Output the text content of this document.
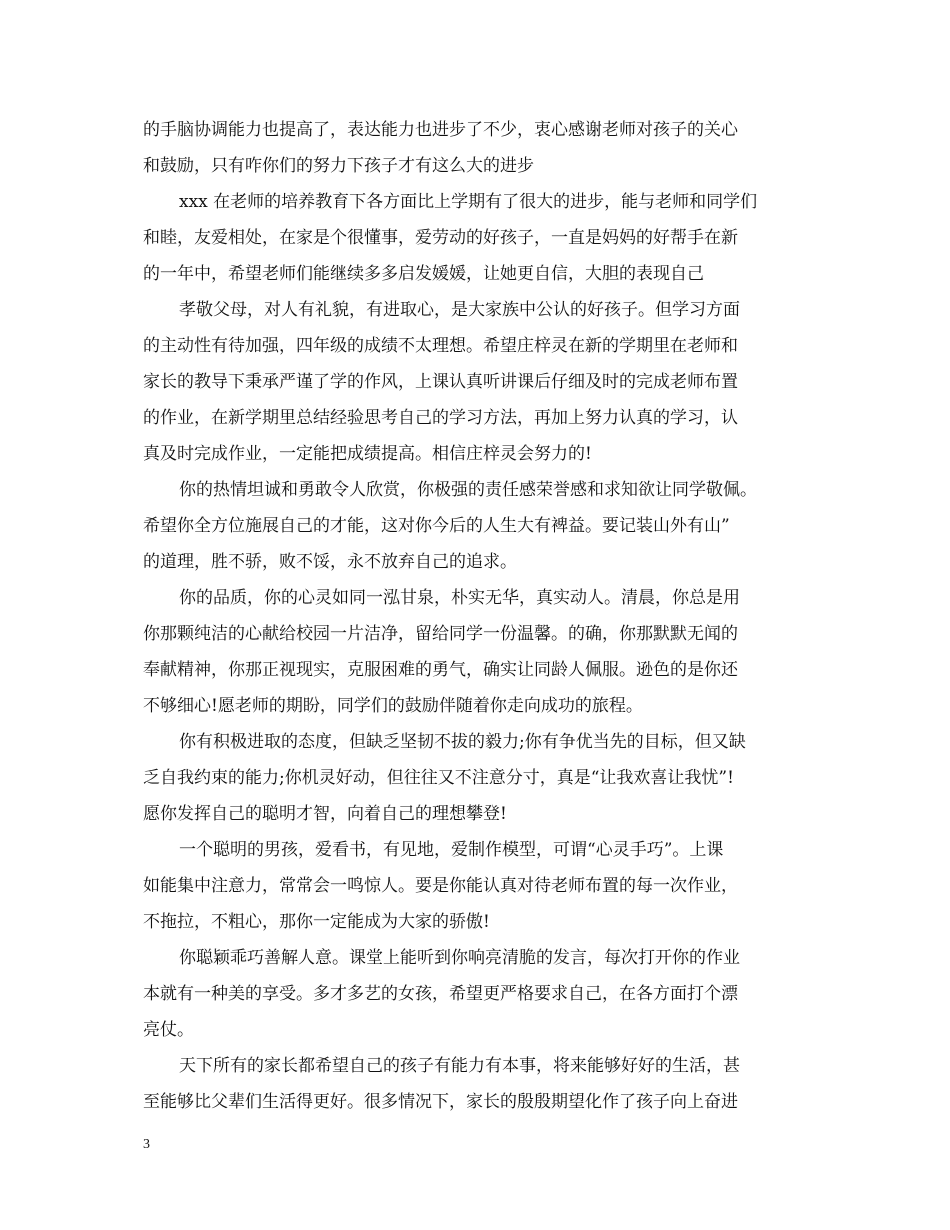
的手脑协调能力也提高了，表达能力也进步了不少，衷心感谢老师对孩子的关心
和鼓励，只有咋你们的努力下孩子才有这么大的进步
xxx 在老师的培养教育下各方面比上学期有了很大的进步，能与老师和同学们
和睦，友爱相处，在家是个很懂事，爱劳动的好孩子，一直是妈妈的好帮手在新
的一年中，希望老师们能继续多多启发媛媛，让她更自信，大胆的表现自己
孝敬父母，对人有礼貌，有进取心，是大家族中公认的好孩子。但学习方面
的主动性有待加强，四年级的成绩不太理想。希望庄梓灵在新的学期里在老师和
家长的教导下秉承严谨了学的作风，上课认真听讲课后仔细及时的完成老师布置
的作业，在新学期里总结经验思考自己的学习方法，再加上努力认真的学习，认
真及时完成作业，一定能把成绩提高。相信庄梓灵会努力的!
你的热情坦诚和勇敢令人欣赏，你极强的责任感荣誉感和求知欲让同学敬佩。
希望你全方位施展自己的才能，这对你今后的人生大有裨益。要记装山外有山”
的道理，胜不骄，败不馁，永不放弃自己的追求。
你的品质，你的心灵如同一泓甘泉，朴实无华，真实动人。清晨，你总是用
你那颗纯洁的心献给校园一片洁净，留给同学一份温馨。的确，你那默默无闻的
奉献精神，你那正视现实，克服困难的勇气，确实让同龄人佩服。逊色的是你还
不够细心!愿老师的期盼，同学们的鼓励伴随着你走向成功的旅程。
你有积极进取的态度，但缺乏坚韧不拔的毅力;你有争优当先的目标，但又缺
乏自我约束的能力;你机灵好动，但往往又不注意分寸，真是“让我欢喜让我忧”!
愿你发挥自己的聪明才智，向着自己的理想攀登!
一个聪明的男孩，爱看书，有见地，爱制作模型，可谓“心灵手巧”。上课
如能集中注意力，常常会一鸣惊人。要是你能认真对待老师布置的每一次作业，
不拖拉，不粗心，那你一定能成为大家的骄傲!
你聪颖乖巧善解人意。课堂上能听到你响亮清脆的发言，每次打开你的作业
本就有一种美的享受。多才多艺的女孩，希望更严格要求自己，在各方面打个漂
亮仗。
天下所有的家长都希望自己的孩子有能力有本事，将来能够好好的生活，甚
至能够比父辈们生活得更好。很多情况下，家长的殷殷期望化作了孩子向上奋进
3
